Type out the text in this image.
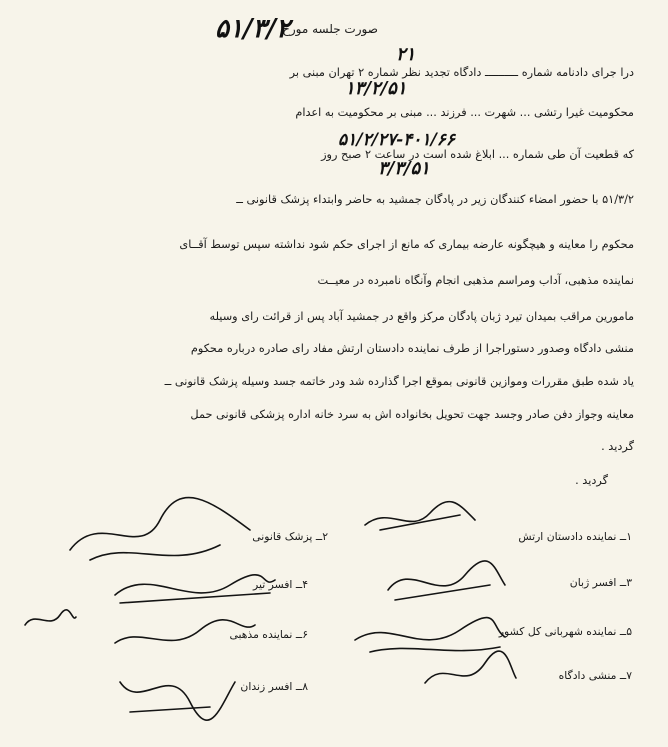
صورت جلسه مورخ
۵۱/۳/۲
درا جرای دادنامه شماره ــــــــــ دادگاه تجدید نظر شماره ۲ تهران مبنی بر
۲۱
۱۳/۲/۵۱
محکومیت غیرا رتشی ... شهرت ... فرزند ... مبنی بر محکومیت به اعدام
که قطعیت آن طی شماره ... ابلاغ شده است در ساعت ۲ صبح روز
۵۱/۲/۲۷-۴۰۱/۶۶
۳/۳/۵۱
۵۱/۳/۲ با حضور امضاء کنندگان زیر در پادگان جمشید به حاضر وابتداء پزشک قانونی ــ
محکوم را معاینه و هیچگونه عارضه بیماری که مانع از اجرای حکم شود نداشته سپس توسط آقــای
نماینده مذهبی، آداب ومراسم مذهبی انجام وآنگاه نامبرده در معیــت
مامورین مراقب بمیدان تیرد ژبان پادگان مرکز واقع در جمشید آباد پس از قرائت رای وسیله
منشی دادگاه وصدور دستوراجرا از طرف نماینده دادستان ارتش مفاد رای صادره درباره محکوم
یاد شده طبق مقررات وموازین قانونی بموقع اجرا گذارده شد ودر خاتمه جسد وسیله پزشک قانونی ــ
معاینه وجواز دفن صادر وجسد جهت تحویل بخانواده اش به سرد خانه اداره پزشکی قانونی حمل
گردید .
گردید .
۱ــ نماینده دادستان ارتش
۳ــ افسر ژبان
۵ــ نماینده شهربانی کل کشور
۷ــ منشی دادگاه
۲ــ پزشک قانونی
۴ــ افسر تیر
۶ــ نماینده مذهبی
۸ــ افسر زندان
